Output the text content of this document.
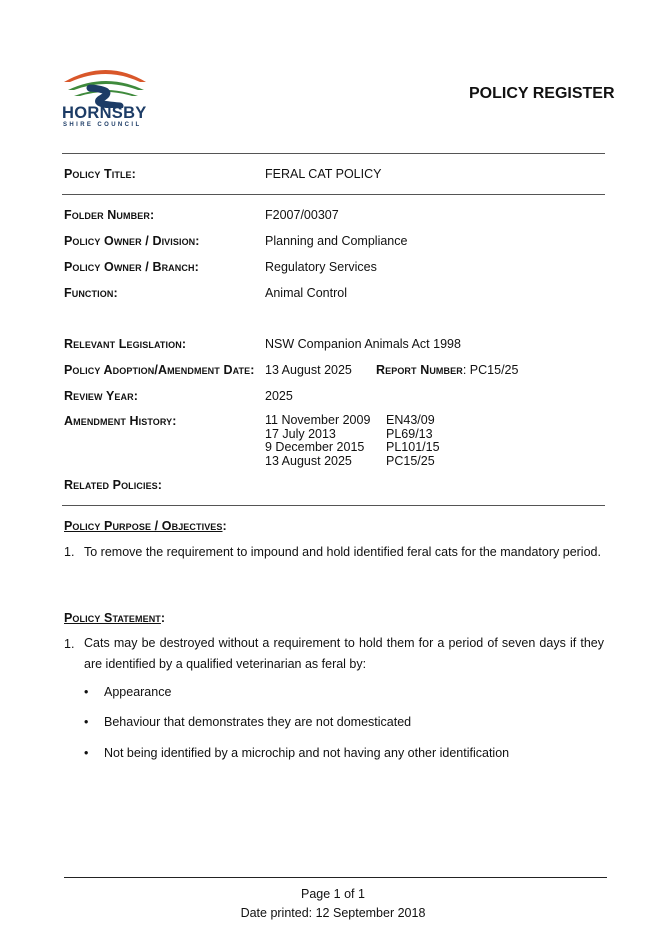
HORNSBY
SHIRE COUNCIL
POLICY REGISTER
Policy Title:	FERAL CAT POLICY
Folder Number:	F2007/00307
Policy Owner / Division:	Planning and Compliance
Policy Owner / Branch:	Regulatory Services
Function:	Animal Control
Relevant Legislation:	NSW Companion Animals Act 1998
Policy Adoption/Amendment Date: 13 August 2025 Report Number: PC15/25
Review Year:	2025
Amendment History:	11 November 2009 EN43/09
17 July 2013	PL69/13
9 December 2015 PL101/15
13 August 2025	PC15/25
Related Policies:
Policy Purpose / Objectives:
1. To remove the requirement to impound and hold identified feral cats for the mandatory period.
Policy Statement:
1. Cats may be destroyed without a requirement to hold them for a period of seven days if they are identified by a qualified veterinarian as feral by:
• Appearance
• Behaviour that demonstrates they are not domesticated
• Not being identified by a microchip and not having any other identification
Page 1 of 1
Date printed: 12 September 2018
